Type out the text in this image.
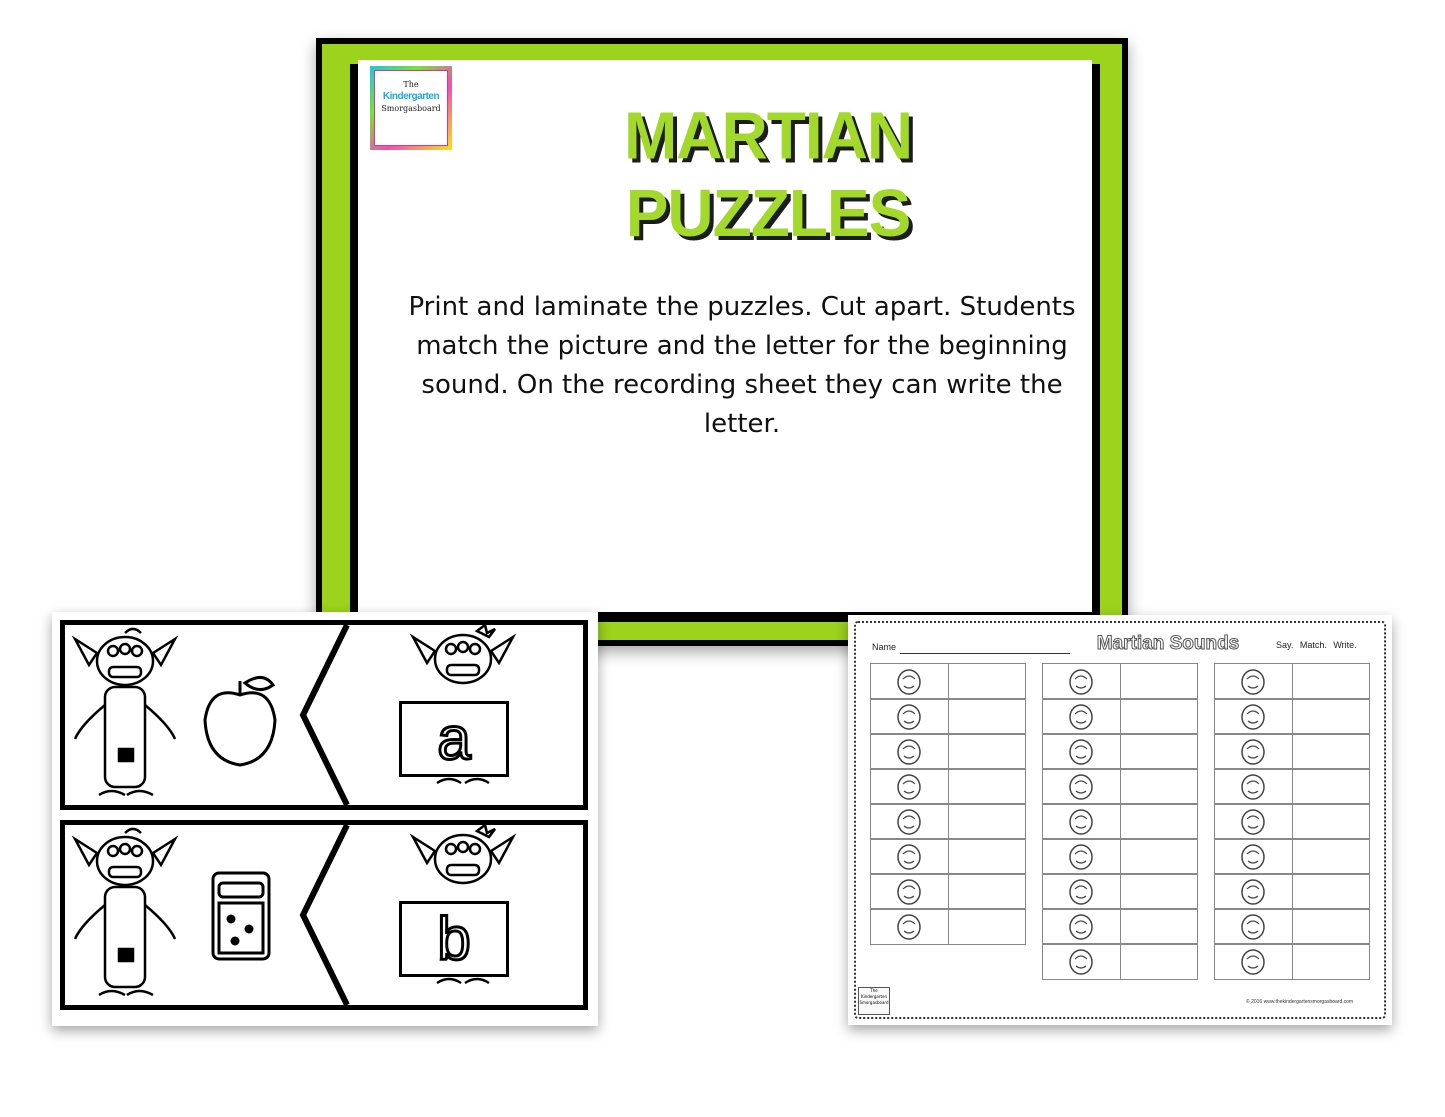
The
Kindergarten
Smorgasboard	MARTIAN PUZZLES
Print and laminate the puzzles. Cut apart. Students match the picture and the letter for the beginning sound. On the recording sheet they can write the letter.
a
b
Name	Martian Sounds	Say. Match. Write.
The Kindergarten Smorgasboard	© 2016 www.thekindergartensmorgasboard.com
